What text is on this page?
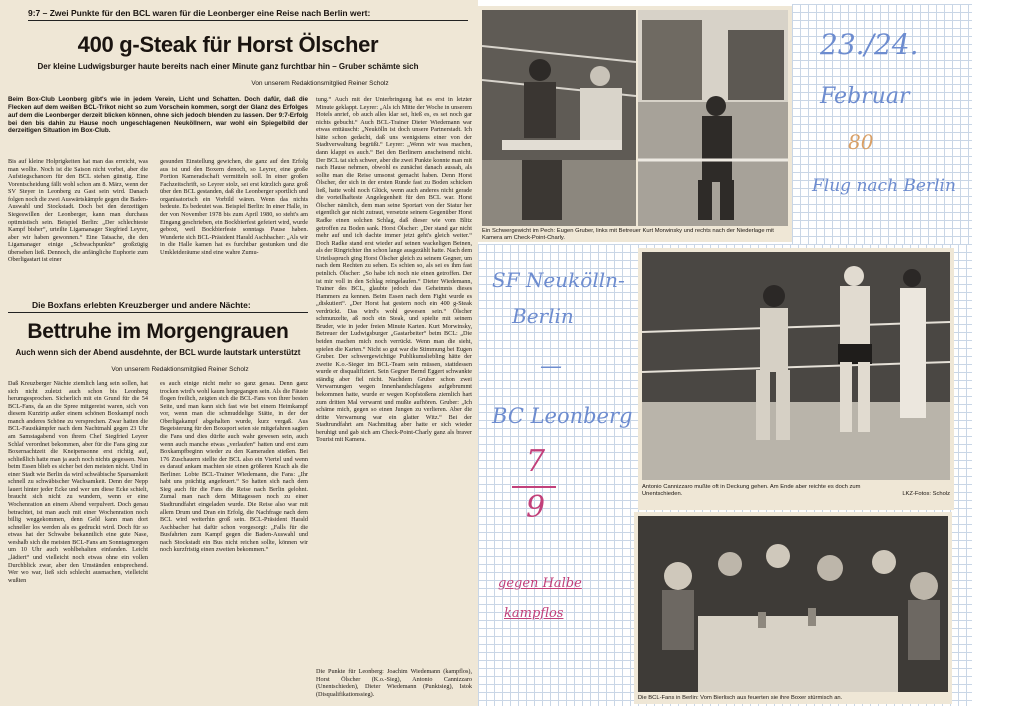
9:7 – Zwei Punkte für den BCL waren für die Leonberger eine Reise nach Berlin wert:
400 g-Steak für Horst Ölscher
Der kleine Ludwigsburger haute bereits nach einer Minute ganz furchtbar hin – Gruber schämte sich
Von unserem Redaktionsmitglied Reiner Scholz
Beim Box-Club Leonberg gibt's wie in jedem Verein, Licht und Schatten. Doch dafür, daß die Flecken auf dem weißen BCL-Trikot nicht so zum Vorschein kommen, sorgt der Glanz des Erfolges auf dem die Leonberger derzeit blicken können, ohne sich jedoch blenden zu lassen. Der 9:7-Erfolg bei den bis dahin zu Hause noch ungeschlagenen Neuköllnern, war wohl ein Spiegelbild der derzeitigen Situation im Box-Club.
Bis auf kleine Holprigkeiten hat man das erreicht, was man wollte. Noch ist die Saison nicht vorbei, aber die Aufstiegschancen für den BCL stehen günstig. Eine Vorentscheidung fällt wohl schon am 8. März, wenn der SV Steyer in Leonberg zu Gast sein wird. Danach folgen noch die zwei Auswärtskämpfe gegen die Baden-Auswahl und Stockstadt. Doch bei den derzeitigen Siegeswillen der Leonberger, kann man durchaus optimistisch sein. Beispiel Berlin: „Der schlechteste Kampf bisher“, urteilte Ligamanager Siegfried Leyrer, aber wir haben gewonnen.“ Eine Tatsache, die den Ligamanager einige „Schwachpunkte“ großzügig übersehen ließ. Dennoch, die anfängliche Euphorie zum Oberligastart ist einer
gesunden Einstellung gewichen, die ganz auf den Erfolg aus ist und den Boxern denoch, so Leyrer, eine große Portion Kameradschaft vermitteln soll. In einer großen Fachzeitschrift, so Leyrer stolz, sei erst kürzlich ganz groß über den BCL gestanden, daß die Leonberger sportlich und organisatorisch ein Vorbild wären. Wenn das nichts bedeute. Es bedeutet was. Beispiel Berlin: In einer Halle, in der von November 1978 bis zum April 1980, so steht's am Eingang geschrieben, ein Bockbierfest gefeiert wird, wurde geboxt, weil Bockbierfeste sonntags Pause haben. Wunderte sich BCL-Präsident Harald Aschbacher: „Als wir in die Halle kamen hat es furchtbar gestunken und die Umkleideräume sind eine wahre Zumu-
tung.“ Auch mit der Unterbringung hat es erst in letzter Minute geklappt. Leyrer: „Als ich Mitte der Woche in unserem Hotels anrief, ob auch alles klar sei, hieß es, es sei noch gar nichts gebucht.“ Auch BCL-Trainer Dieter Wiedemann war etwas enttäuscht: „Neukölln ist doch unsere Partnerstadt. Ich hätte schon gedacht, daß uns wenigstens einer von der Stadtverwaltung begrüßt.“ Leyrer: „Wenn wir was machen, dann klappt es auch.“ Bei den Berlinern anscheinend nicht. Der BCL tat sich schwer, aber die zwei Punkte konnte man mit nach Hause nehmen, obwohl es zunächst danach aussah, als sollte man die Reise umsonst gemacht haben. Denn Horst Ölscher, der sich in der ersten Runde fast zu Boden schicken ließ, hatte wohl noch Glück, wenn auch anderes nicht gerade die vorteilhafteste Angelegenheit für den BCL war. Horst Ölscher nämlich, dem man seine Sportart von der Statur her eigentlich gar nicht zutraut, versetzte seinem Gegenüber Horst Radke einen solchen Schlag, daß dieser wie vom Blitz getroffen zu Boden sank. Horst Ölscher: „Der stand gar nicht mehr auf und ich dachte immer jetzt geht's gleich weiter.“ Doch Radke stand erst wieder auf seinen wackeligen Beinen, als der Ringrichter ihn schon lange ausgezählt hatte. Nach dem Urteilsspruch ging Horst Ölscher gleich zu seinem Gegner, um nach dem Rechten zu sehen. Es schien so, als sei es ihm fast peinlich. Ölscher: „So habe ich noch nie einen getroffen. Der ist mir voll in den Schlag reingelaufen.“ Dieter Wiedemann, Trainer des BCL, glaubte jedoch das Geheimnis dieses Hammers zu kennen. Beim Essen nach dem Fight wurde es „diskutiert“. „Der Horst hat gestern noch ein 400 g-Steak verdrückt. Das wird's wohl gewesen sein.“ Ölscher schmunzelte, aß noch ein Steak, und spielte mit seinem Bruder, wie in jeder freien Minute Karten. Kurt Morwinsky, Betreuer der Ludwigsburger „Gastarbeiter“ beim BCL: „Die beiden machen mich noch verrückt. Wenn man die sieht, spielen die Karten.“ Nicht so gut war die Stimmung bei Eugen Gruber. Der schwergewichtige Publikumsliebling hätte der zweite K.o.-Sieger im BCL-Team sein müssen, stattdessen wurde er disqualifiziert. Sein Gegner Bernd Eggert schwankte ständig aber fiel nicht. Nachdem Gruber schon zwei Verwarnungen wegen Innenhandschlagens aufgebrummt bekommen hatte, wurde er wegen Kopfstoßens ziemlich hart zum dritten Mal verwarnt und mußte aufhören. Gruber: „Ich schäme mich, gegen so einen Jungen zu verlieren. Aber die dritte Verwarnung war ein glatter Witz.“ Bei der Stadtrundfahrt am Nachmittag aber hatte er sich wieder beruhigt und gab sich am Check-Point-Charly ganz als braver Tourist mit Kamera.
Die Punkte für Leonberg: Joachim Wiedemann (kampflos), Horst Ölscher (K.o.-Sieg), Antonio Cannizzaro (Unentschieden), Dieter Wiedemann (Punktsieg), Istok (Disqualifikationssieg).
Die Boxfans erlebten Kreuzberger und andere Nächte:
Bettruhe im Morgengrauen
Auch wenn sich der Abend ausdehnte, der BCL wurde lautstark unterstützt
Von unserem Redaktionsmitglied Reiner Scholz
Daß Kreuzberger Nächte ziemlich lang sein sollen, hat sich nicht zuletzt auch schon bis Leonberg herumgesprochen. Sicherlich mit ein Grund für die 54 BCL-Fans, da an die Spree mitgereist waren, sich von diesem Kurztrip außer einem schönen Boxkampf noch manch anderes Schöne zu versprechen. Zwar hatten die BCL-Faustkämpfer nach dem Nachtmahl gegen 23 Uhr am Samstagabend von ihrem Chef Siegfried Leyrer Schlaf verordnet bekommen, aber für die Fans ging zur Boxernachtzeit die Kneipensonne erst richtig auf, schließlich hatte man ja auch noch nichts gegessen. Nun beim Essen blieb es sicher bei den meisten nicht. Und in einer Stadt wie Berlin da wird schwäbische Sparsamkeit schnell zu schwäbischer Wachsamkeit. Denn der Nepp lauert hinter jeder Ecke und wer um diese Ecke schielt, braucht sich nicht zu wundern, wenn er eine Wochenration an einem Abend verpulvert. Doch genau betrachtet, ist man auch mit einer Wochenration noch billig weggekommen, denn Geld kann man dort schneller los werden als es gedruckt wird. Doch für so etwas hat der Schwabe bekanntlich eine gute Nase, weshalb sich die meisten BCL-Fans am Sonntagmorgen um 10 Uhr auch wohlbehalten einfanden. Leicht „lädiert“ und vielleicht noch etwas ohne ein vollen Durchblick zwar, aber den Umständen entsprechend. Wer wo war, ließ sich schlecht ausmachen, vielleicht wußten
es auch einige nicht mehr so ganz genau. Denn ganz trocken wird's wohl kaum hergegangen sein. Als die Fäuste flogen freilich, zeigten sich die BCL-Fans von ihrer besten Seite, und man kann sich fast wie bei einem Heimkampf vor, wenn man die schmuddelige Stätte, in der der Oberligakampf abgehalten wurde, kurz vergaß. Aus Begeisterung für den Boxsport seien sie mitgefahren sagten die Fans und dies dürfte auch wahr gewesen sein, auch wenn auch manche etwas „verlaufen“ hatten und erst zum Boxkampfbeginn wieder zu den Kameraden stießen. Bei 176 Zuschauern stellte der BCL also ein Viertel und wenn es darauf ankam machten sie einen größeren Krach als die Berliner. Lobte BCL-Trainer Wiedemann, die Fans: „Ihr habt uns prächtig angefeuert.“ So hatten sich nach dem Sieg auch für die Fans die Reise nach Berlin gelohnt. Zumal man nach dem Mittagessen noch zu einer Stadtrundfahrt eingeladen wurde. Die Reise also war mit allem Drum und Dran ein Erfolg, die Nachfrage nach dem BCL wird weiterhin groß sein. BCL-Präsident Harald Aschbacher hat dafür schon vorgesorgt: „Falls für die Busfahrten zum Kampf gegen die Baden-Auswahl und nach Stockstadt ein Bus nicht reichen sollte, können wir noch kurzfristig einen zweiten bekommen.“
Ein Schwergewicht im Pech: Eugen Gruber, links mit Betreuer Kurt Morwinsky und rechts nach der Niederlage mit Kamera am Check-Point-Charly.
23./24.
Februar
80
Flug nach Berlin
SF Neukölln-
Berlin
—
BC Leonberg
7
9
gegen Halbe
kampflos
Antonio Cannizzaro mußte oft in Deckung gehen. Am Ende aber reichte es doch zum Unentschieden.	LKZ-Fotos: Scholz
Die BCL-Fans in Berlin: Vom Bierlisch aus feuerten sie ihre Boxer stürmisch an.
